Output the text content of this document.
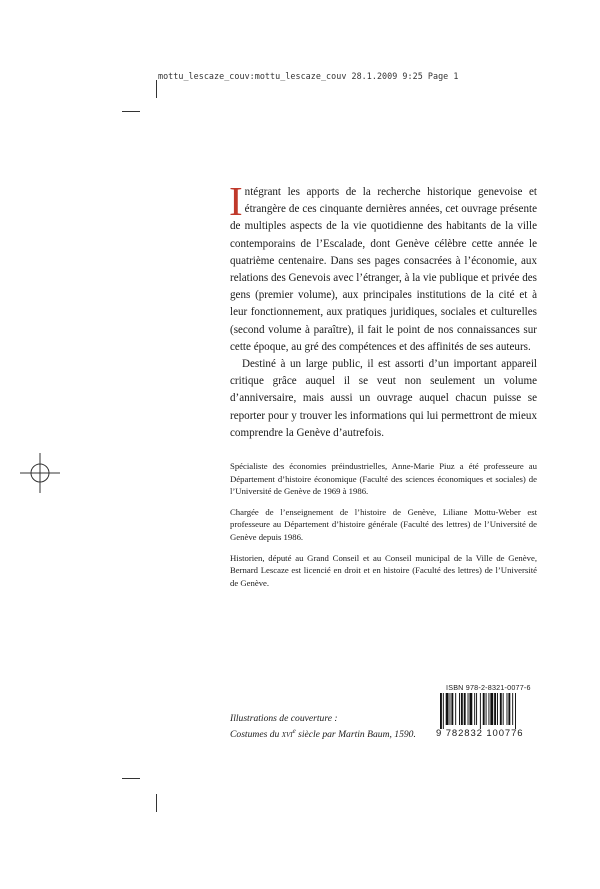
mottu_lescaze_couv:mottu_lescaze_couv 28.1.2009 9:25 Page 1

Intégrant les apports de la recherche historique genevoise et étrangère de ces cinquante dernières années, cet ouvrage présente de multiples aspects de la vie quotidienne des habitants de la ville contemporains de l’Escalade, dont Genève célèbre cette année le quatrième centenaire. Dans ses pages consacrées à l’économie, aux relations des Genevois avec l’étranger, à la vie publique et privée des gens (premier volume), aux principales institutions de la cité et à leur fonctionnement, aux pratiques juridiques, sociales et culturelles (second volume à paraître), il fait le point de nos connaissances sur cette époque, au gré des compétences et des affinités de ses auteurs.

Destiné à un large public, il est assorti d’un important appareil critique grâce auquel il se veut non seulement un volume d’anniversaire, mais aussi un ouvrage auquel chacun puisse se reporter pour y trouver les informations qui lui permettront de mieux comprendre la Genève d’autrefois.

Spécialiste des économies préindustrielles, Anne-Marie Piuz a été professeure au Département d’histoire économique (Faculté des sciences économiques et sociales) de l’Université de Genève de 1969 à 1986.

Chargée de l’enseignement de l’histoire de Genève, Liliane Mottu-Weber est professeure au Département d’histoire générale (Faculté des lettres) de l’Université de Genève depuis 1986.

Historien, député au Grand Conseil et au Conseil municipal de la Ville de Genève, Bernard Lescaze est licencié en droit et en histoire (Faculté des lettres) de l’Université de Genève.

Illustrations de couverture :
Costumes du XVIe siècle par Martin Baum, 1590.
ISBN 978-2-8321-0077-6
9 782832 100776
